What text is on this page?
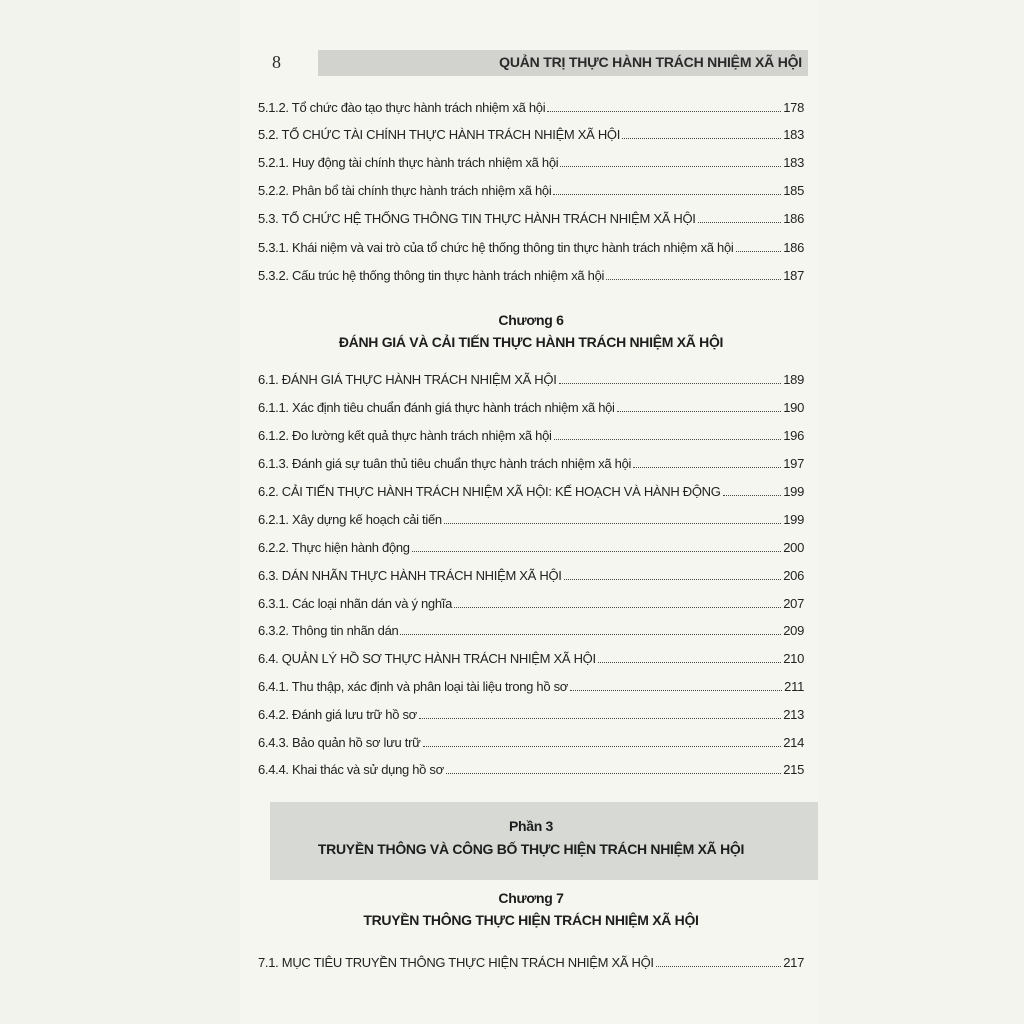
8	QUẢN TRỊ THỰC HÀNH TRÁCH NHIỆM XÃ HỘI
5.1.2. Tổ chức đào tạo thực hành trách nhiệm xã hội	178
5.2. TỔ CHỨC TÀI CHÍNH THỰC HÀNH TRÁCH NHIỆM XÃ HỘI	183
5.2.1. Huy động tài chính thực hành trách nhiệm xã hội	183
5.2.2. Phân bổ tài chính thực hành trách nhiệm xã hội	185
5.3. TỔ CHỨC HỆ THỐNG THÔNG TIN THỰC HÀNH TRÁCH NHIỆM XÃ HỘI	186
5.3.1. Khái niệm và vai trò của tổ chức hệ thống thông tin thực hành trách nhiệm xã hội	186
5.3.2. Cấu trúc hệ thống thông tin thực hành trách nhiệm xã hội	187
Chương 6
ĐÁNH GIÁ VÀ CẢI TIẾN THỰC HÀNH TRÁCH NHIỆM XÃ HỘI
6.1. ĐÁNH GIÁ THỰC HÀNH TRÁCH NHIỆM XÃ HỘI	189
6.1.1. Xác định tiêu chuẩn đánh giá thực hành trách nhiệm xã hội	190
6.1.2. Đo lường kết quả thực hành trách nhiệm xã hội	196
6.1.3. Đánh giá sự tuân thủ tiêu chuẩn thực hành trách nhiệm xã hội	197
6.2. CẢI TIẾN THỰC HÀNH TRÁCH NHIỆM XÃ HỘI: KẾ HOẠCH VÀ HÀNH ĐỘNG	199
6.2.1. Xây dựng kế hoạch cải tiến	199
6.2.2. Thực hiện hành động	200
6.3. DÁN NHÃN THỰC HÀNH TRÁCH NHIỆM XÃ HỘI	206
6.3.1. Các loại nhãn dán và ý nghĩa	207
6.3.2. Thông tin nhãn dán	209
6.4. QUẢN LÝ HỒ SƠ THỰC HÀNH TRÁCH NHIỆM XÃ HỘI	210
6.4.1. Thu thập, xác định và phân loại tài liệu trong hồ sơ	211
6.4.2. Đánh giá lưu trữ hồ sơ	213
6.4.3. Bảo quản hồ sơ lưu trữ	214
6.4.4. Khai thác và sử dụng hồ sơ	215
Phần 3
TRUYỀN THÔNG VÀ CÔNG BỐ THỰC HIỆN TRÁCH NHIỆM XÃ HỘI
Chương 7
TRUYỀN THÔNG THỰC HIỆN TRÁCH NHIỆM XÃ HỘI
7.1. MỤC TIÊU TRUYỀN THÔNG THỰC HIỆN TRÁCH NHIỆM XÃ HỘI	217
